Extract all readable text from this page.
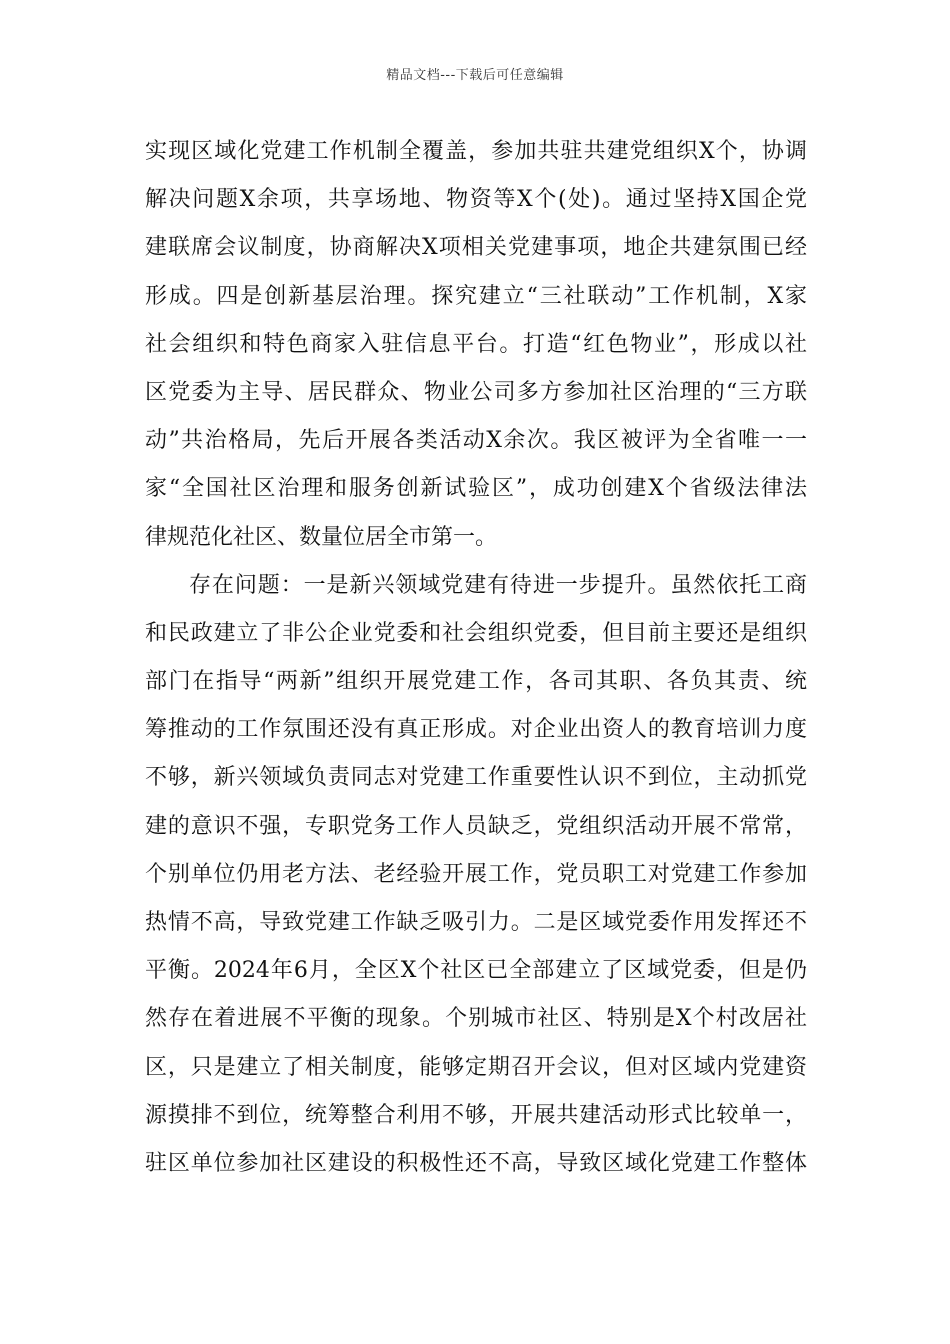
精品文档---下载后可任意编辑
实现区域化党建工作机制全覆盖，参加共驻共建党组织X个，协调
解决问题X余项，共享场地、物资等X个(处)。通过坚持X国企党
建联席会议制度，协商解决X项相关党建事项，地企共建氛围已经
形成。四是创新基层治理。探究建立“三社联动”工作机制，X家
社会组织和特色商家入驻信息平台。打造“红色物业”，形成以社
区党委为主导、居民群众、物业公司多方参加社区治理的“三方联
动”共治格局，先后开展各类活动X余次。我区被评为全省唯一一
家“全国社区治理和服务创新试验区”，成功创建X个省级法律法
律规范化社区、数量位居全市第一。
存在问题：一是新兴领域党建有待进一步提升。虽然依托工商
和民政建立了非公企业党委和社会组织党委，但目前主要还是组织
部门在指导“两新”组织开展党建工作，各司其职、各负其责、统
筹推动的工作氛围还没有真正形成。对企业出资人的教育培训力度
不够，新兴领域负责同志对党建工作重要性认识不到位，主动抓党
建的意识不强，专职党务工作人员缺乏，党组织活动开展不常常，
个别单位仍用老方法、老经验开展工作，党员职工对党建工作参加
热情不高，导致党建工作缺乏吸引力。二是区域党委作用发挥还不
平衡。2024年6月，全区X个社区已全部建立了区域党委，但是仍
然存在着进展不平衡的现象。个别城市社区、特别是X个村改居社
区，只是建立了相关制度，能够定期召开会议，但对区域内党建资
源摸排不到位，统筹整合利用不够，开展共建活动形式比较单一，
驻区单位参加社区建设的积极性还不高，导致区域化党建工作整体
